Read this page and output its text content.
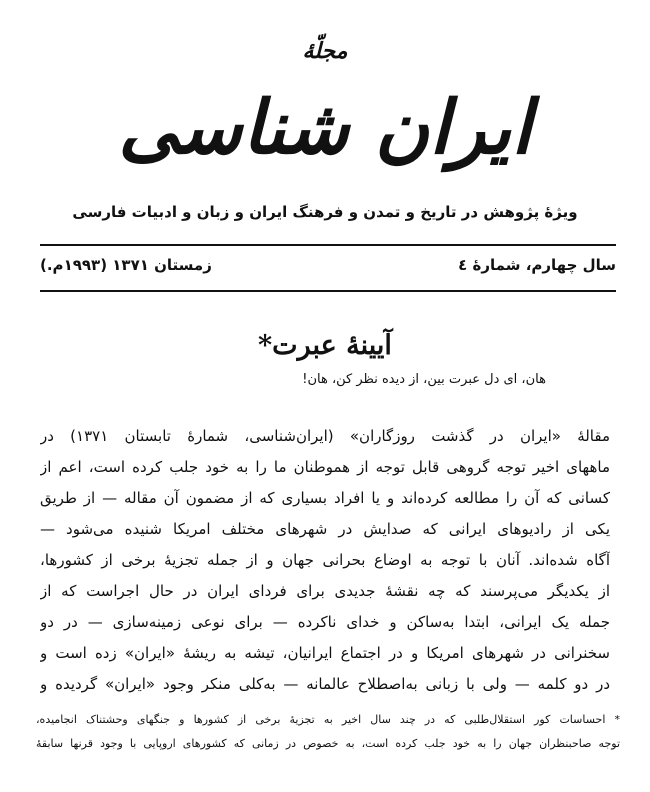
مجلّهٔ
ایران شناسی
ویژهٔ پژوهش در تاریخ و تمدن و فرهنگ ایران و زبان و ادبیات فارسی
سال چهارم، شمارهٔ ٤
زمستان ۱۳۷۱ (۱۹۹۳م.)
آیینهٔ عبرت*
هان، ای دل عبرت بین، از دیده نظر کن، هان!
مقالهٔ «ایران در گذشت روزگاران» (ایران‌شناسی، شمارهٔ تابستان ۱۳۷۱) در
ماههای اخیر توجه گروهی قابل توجه از هموطنان ما را به خود جلب کرده است، اعم از
کسانی که آن را مطالعه کرده‌اند و یا افراد بسیاری که از مضمون آن مقاله — از طریق
یکی از رادیوهای ایرانی که صدایش در شهرهای مختلف امریکا شنیده می‌شود —
آگاه شده‌اند. آنان با توجه به اوضاع بحرانی جهان و از جمله تجزیهٔ برخی از کشورها،
از یکدیگر می‌پرسند که چه نقشهٔ جدیدی برای فردای ایران در حال اجراست که از
جمله یک ایرانی، ابتدا به‌ساکن و خدای ناکرده — برای نوعی زمینه‌سازی — در دو
سخنرانی در شهرهای امریکا و در اجتماع ایرانیان، تیشه به ریشهٔ «ایران» زده است و
در دو کلمه — ولی با زبانی به‌اصطلاح عالمانه — به‌کلی منکر وجود «ایران» گردیده و
* احساسات کور استقلال‌طلبی که در چند سال اخیر به تجزیهٔ برخی از کشورها و جنگهای وحشتناک انجامیده،
توجه صاحبنظران جهان را به خود جلب کرده است، به خصوص در زمانی که کشورهای اروپایی با وجود قرنها سابقهٔ
